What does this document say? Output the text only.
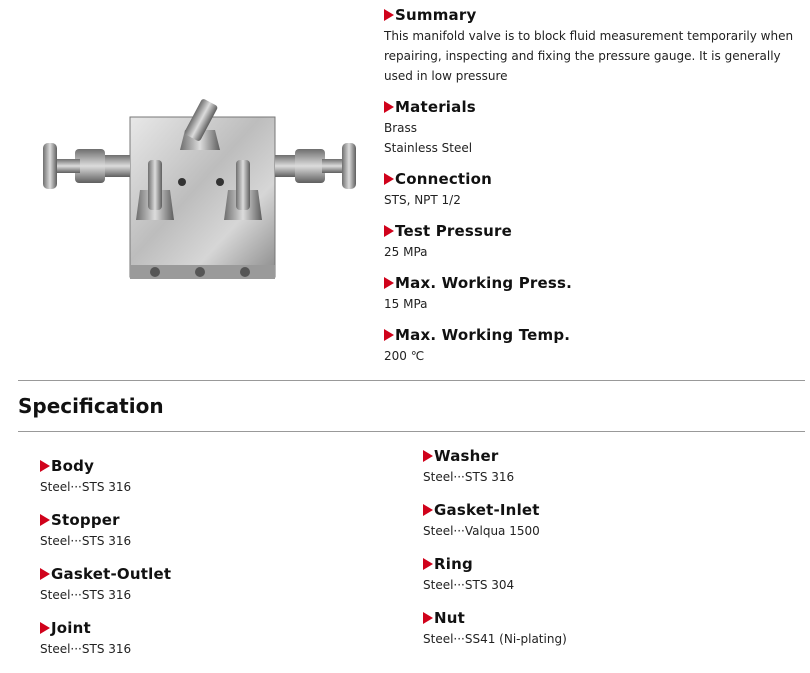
Summary
This manifold valve is to block fluid measurement temporarily when repairing, inspecting and fixing the pressure gauge. It is generally used in low pressure
Materials
Brass
Stainless Steel
Connection
STS, NPT 1/2
Test Pressure
25 MPa
Max. Working Press.
15 MPa
Max. Working Temp.
200 ℃
Specification
Body
Steel···STS 316
Stopper
Steel···STS 316
Gasket-Outlet
Steel···STS 316
Joint
Steel···STS 316
Washer
Steel···STS 316
Gasket-Inlet
Steel···Valqua 1500
Ring
Steel···STS 304
Nut
Steel···SS41 (Ni-plating)
